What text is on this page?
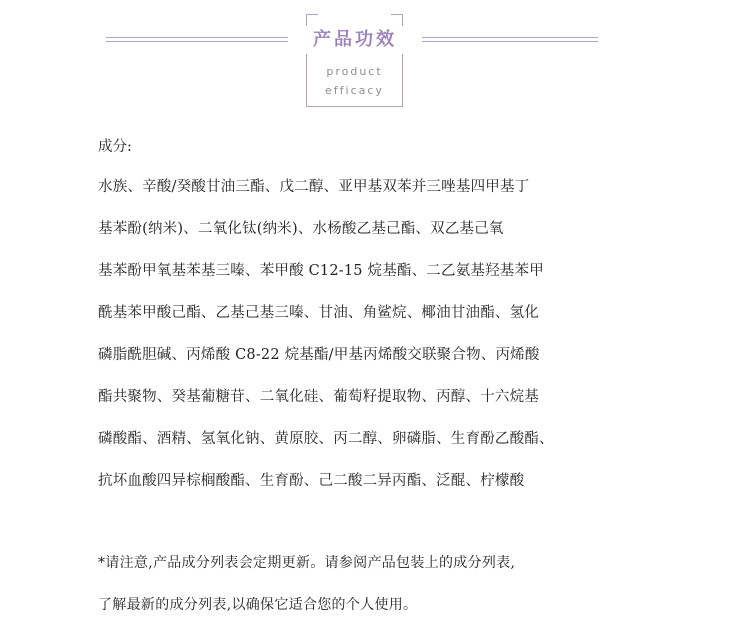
产品功效
product
efficacy
成分:
水族、辛酸/癸酸甘油三酯、戊二醇、亚甲基双苯并三唑基四甲基丁
基苯酚(纳米)、二氧化钛(纳米)、水杨酸乙基己酯、双乙基己氧
基苯酚甲氧基苯基三嗪、苯甲酸 C12-15 烷基酯、二乙氨基羟基苯甲
酰基苯甲酸己酯、乙基己基三嗪、甘油、角鲨烷、椰油甘油酯、氢化
磷脂酰胆碱、丙烯酸 C8-22 烷基酯/甲基丙烯酸交联聚合物、丙烯酸
酯共聚物、癸基葡糖苷、二氧化硅、葡萄籽提取物、丙醇、十六烷基
磷酸酯、酒精、氢氧化钠、黄原胶、丙二醇、卵磷脂、生育酚乙酸酯、
抗坏血酸四异棕榈酸酯、生育酚、己二酸二异丙酯、泛醌、柠檬酸
*请注意,产品成分列表会定期更新。请参阅产品包装上的成分列表,
了解最新的成分列表,以确保它适合您的个人使用。
